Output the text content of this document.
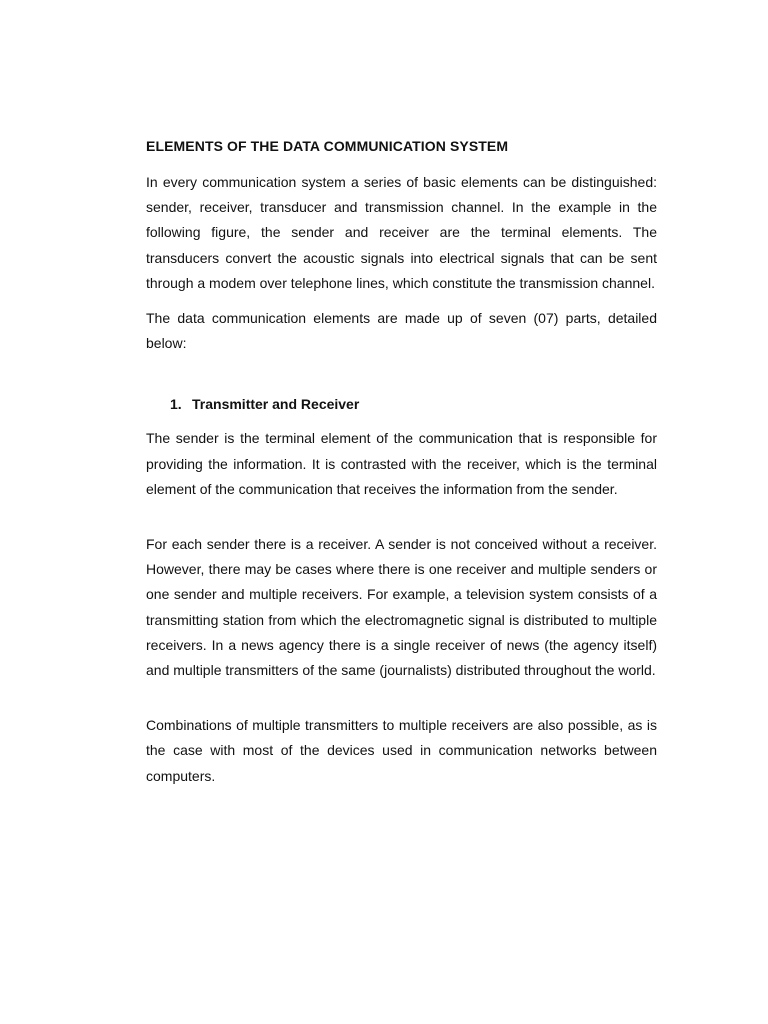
ELEMENTS OF THE DATA COMMUNICATION SYSTEM

In every communication system a series of basic elements can be distinguished: sender, receiver, transducer and transmission channel. In the example in the following figure, the sender and receiver are the terminal elements. The transducers convert the acoustic signals into electrical signals that can be sent through a modem over telephone lines, which constitute the transmission channel.

The data communication elements are made up of seven (07) parts, detailed below:

1. Transmitter and Receiver

The sender is the terminal element of the communication that is responsible for providing the information. It is contrasted with the receiver, which is the terminal element of the communication that receives the information from the sender.

For each sender there is a receiver. A sender is not conceived without a receiver. However, there may be cases where there is one receiver and multiple senders or one sender and multiple receivers. For example, a television system consists of a transmitting station from which the electromagnetic signal is distributed to multiple receivers. In a news agency there is a single receiver of news (the agency itself) and multiple transmitters of the same (journalists) distributed throughout the world.

Combinations of multiple transmitters to multiple receivers are also possible, as is the case with most of the devices used in communication networks between computers.
